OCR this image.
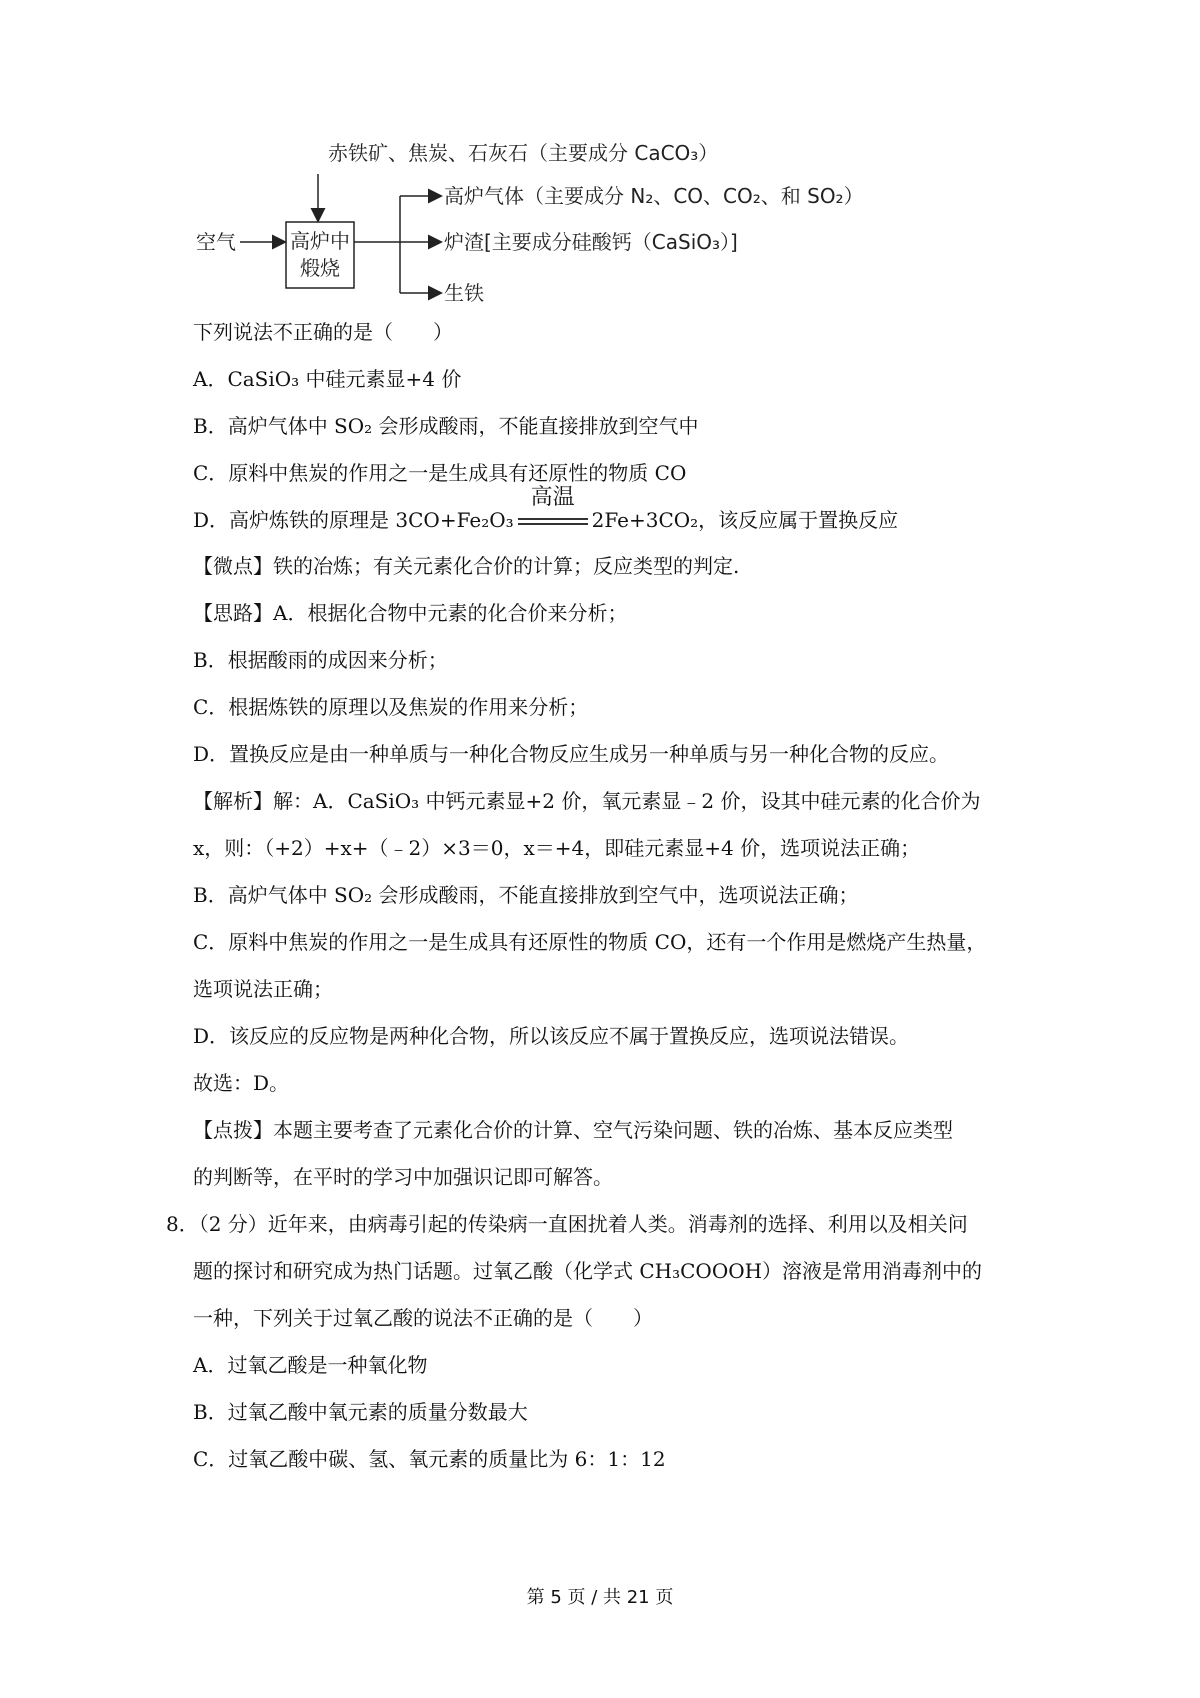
赤铁矿、焦炭、石灰石（主要成分 CaCO₃）
空气	高炉中
煅烧
高炉气体（主要成分 N₂、CO、CO₂、和 SO₂）
炉渣[主要成分硅酸钙（CaSiO₃）]
生铁
下列说法不正确的是（　　）
A．CaSiO₃ 中硅元素显+4 价
B．高炉气体中 SO₂ 会形成酸雨，不能直接排放到空气中
C．原料中焦炭的作用之一是生成具有还原性的物质 CO
D．高炉炼铁的原理是 3CO+Fe₂O₃
高温
2Fe+3CO₂，该反应属于置换反应
【微点】铁的冶炼；有关元素化合价的计算；反应类型的判定.
【思路】A．根据化合物中元素的化合价来分析；
B．根据酸雨的成因来分析；
C．根据炼铁的原理以及焦炭的作用来分析；
D．置换反应是由一种单质与一种化合物反应生成另一种单质与另一种化合物的反应。
【解析】解：A．CaSiO₃ 中钙元素显+2 价，氧元素显﹣2 价，设其中硅元素的化合价为
x，则：（+2）+x+（﹣2）×3＝0，x＝+4，即硅元素显+4 价，选项说法正确；
B．高炉气体中 SO₂ 会形成酸雨，不能直接排放到空气中，选项说法正确；
C．原料中焦炭的作用之一是生成具有还原性的物质 CO，还有一个作用是燃烧产生热量，
选项说法正确；
D．该反应的反应物是两种化合物，所以该反应不属于置换反应，选项说法错误。
故选：D。
【点拨】本题主要考查了元素化合价的计算、空气污染问题、铁的冶炼、基本反应类型
的判断等，在平时的学习中加强识记即可解答。
8．（2 分）近年来，由病毒引起的传染病一直困扰着人类。消毒剂的选择、利用以及相关问
题的探讨和研究成为热门话题。过氧乙酸（化学式 CH₃COOOH）溶液是常用消毒剂中的
一种，下列关于过氧乙酸的说法不正确的是（　　）
A．过氧乙酸是一种氧化物
B．过氧乙酸中氧元素的质量分数最大
C．过氧乙酸中碳、氢、氧元素的质量比为 6：1：12
第 5 页 / 共 21 页
